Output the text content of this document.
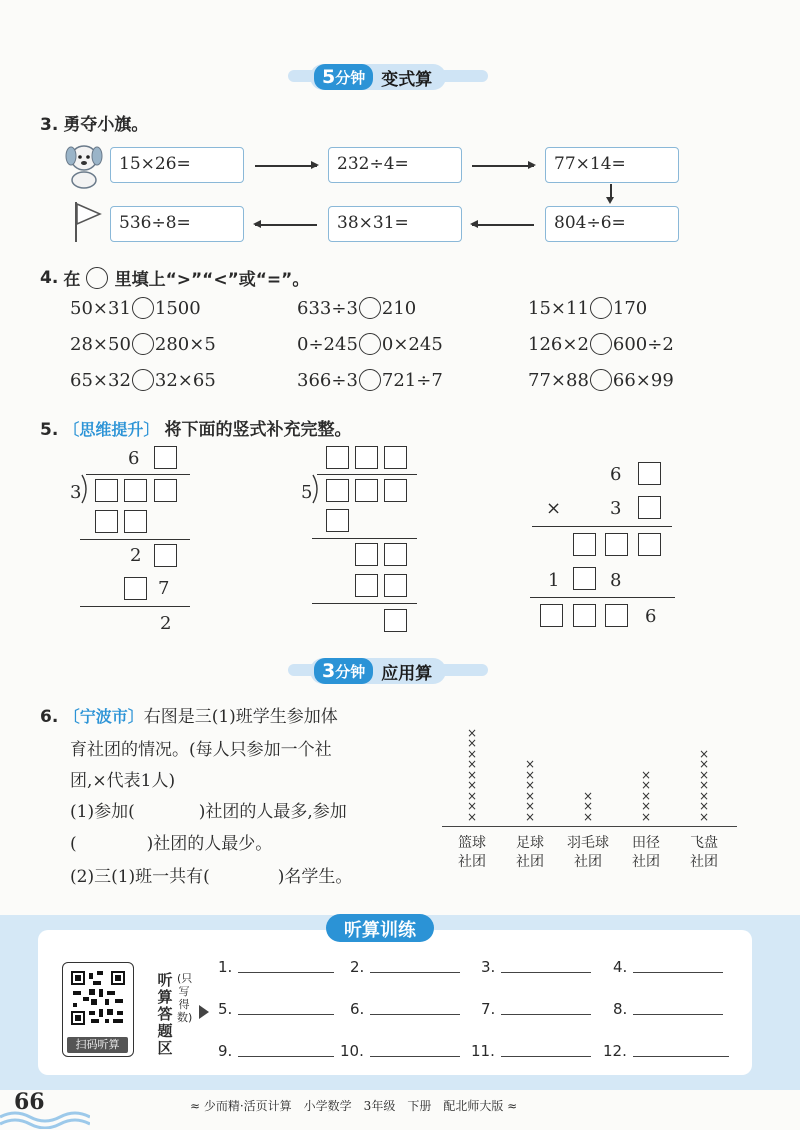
5分钟 变式算
3. 勇夺小旗。
15×26=	232÷4=	77×14=
536÷8=	38×31=	804÷6=
4.
在

里填上“>”“<”或“=”。
50×31 1500	633÷3 210	15×11 170
28×50 280×5	0÷245 0×245	126×2 600÷2
65×32 32×65	366÷3 721÷7	77×88 66×99
5. 〔思维提升〕 将下面的竖式补充完整。
6
3
2
7
2
5
6
×	3
1	8
6
3分钟 应用算
6. 〔宁波市〕右图是三(1)班学生参加体
育社团的情况。(每人只参加一个社
团,×代表1人)
(1)参加(	)社团的人最多,参加
(	)社团的人最少。
(2)三(1)班一共有(	)名学生。
×
×
×
×
×
×
×
×
×
篮球
社团
×
×
×
×
×
×
足球
社团
×
×
×
羽毛球
社团
×
×
×
×
×
田径
社团
×
×
×
×
×
×
×
飞盘
社团
听算训练
扫码听算
听算答题区
(只写得数)
1.	2.	3.	4.
5.	6.	7.	8.
9.	10.	11.	12.
66	≈ 少而精·活页计算　小学数学　3年级　下册　配北师大版 ≈
